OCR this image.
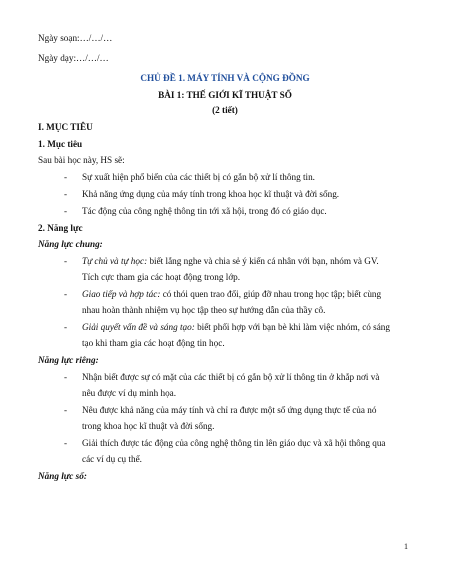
Ngày soạn:…/…/…
Ngày dạy:…/…/…
CHỦ ĐỀ 1. MÁY TÍNH VÀ CỘNG ĐỒNG
BÀI 1: THẾ GIỚI KĨ THUẬT SỐ
(2 tiết)
I. MỤC TIÊU
1. Mục tiêu
Sau bài học này, HS sẽ:
- Sự xuất hiện phổ biến của các thiết bị có gắn bộ xử lí thông tin.
- Khả năng ứng dụng của máy tính trong khoa học kĩ thuật và đời sống.
- Tác động của công nghệ thông tin tới xã hội, trong đó có giáo dục.
2. Năng lực
Năng lực chung:
- Tự chủ và tự học: biết lắng nghe và chia sẻ ý kiến cá nhân với bạn, nhóm và GV.
Tích cực tham gia các hoạt động trong lớp.
- Giao tiếp và hợp tác: có thói quen trao đổi, giúp đỡ nhau trong học tập; biết cùng
nhau hoàn thành nhiệm vụ học tập theo sự hướng dẫn của thầy cô.
- Giải quyết vấn đề và sáng tạo: biết phối hợp với bạn bè khi làm việc nhóm, có sáng
tạo khi tham gia các hoạt động tin học.
Năng lực riêng:
- Nhận biết được sự có mặt của các thiết bị có gắn bộ xử lí thông tin ở khắp nơi và
nêu được ví dụ minh họa.
- Nêu được khả năng của máy tính và chỉ ra được một số ứng dụng thực tế của nó
trong khoa học kĩ thuật và đời sống.
- Giải thích được tác động của công nghệ thông tin lên giáo dục và xã hội thông qua
các ví dụ cụ thể.
Năng lực số:
1
